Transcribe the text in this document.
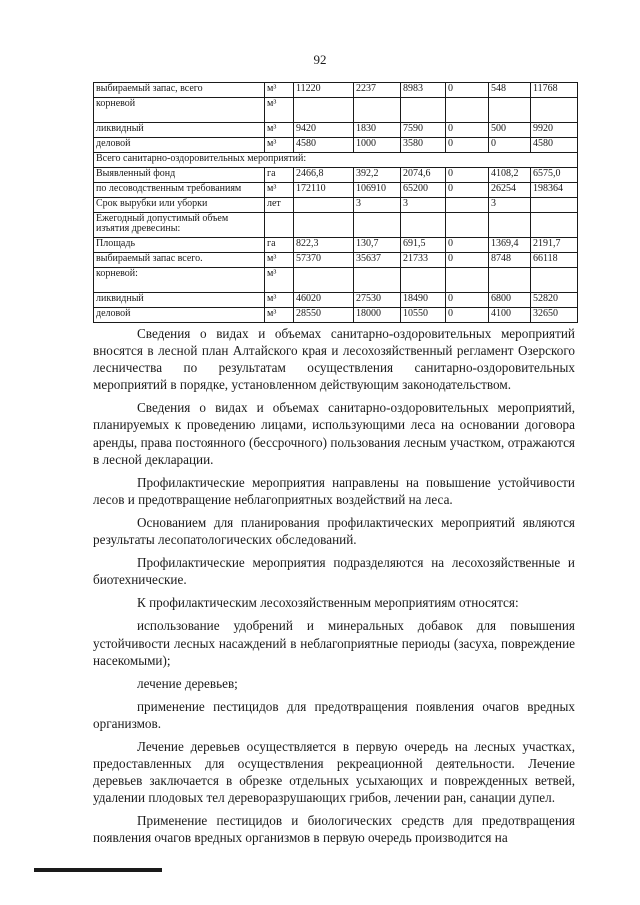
92
выбираемый запас, всего	м³	11220	2237	8983	0	548	11768
корневой	м³						
ликвидный	м³	9420	1830	7590	0	500	9920
деловой	м³	4580	1000	3580	0	0	4580
Всего санитарно-оздоровительных мероприятий:							
Выявленный фонд	га	2466,8	392,2	2074,6	0	4108,2	6575,0
по лесоводственным требованиям	м³	172110	106910	65200	0	26254	198364
Срок вырубки или уборки	лет		3	3		3	
Ежегодный допустимый объем изъятия древесины:							
Площадь	га	822,3	130,7	691,5	0	1369,4	2191,7
выбираемый запас всего.	м³	57370	35637	21733	0	8748	66118
корневой:	м³						
ликвидный	м³	46020	27530	18490	0	6800	52820
деловой	м³	28550	18000	10550	0	4100	32650

Сведения о видах и объемах санитарно-оздоровительных мероприятий вносятся в лесной план Алтайского края и лесохозяйственный регламент Озерского лесничества по результатам осуществления санитарно-оздоровительных мероприятий в порядке, установленном действующим законодательством.

Сведения о видах и объемах санитарно-оздоровительных мероприятий, планируемых к проведению лицами, использующими леса на основании договора аренды, права постоянного (бессрочного) пользования лесным участком, отражаются в лесной декларации.

Профилактические мероприятия направлены на повышение устойчивости лесов и предотвращение неблагоприятных воздействий на леса.

Основанием для планирования профилактических мероприятий являются результаты лесопатологических обследований.

Профилактические мероприятия подразделяются на лесохозяйственные и биотехнические.

К профилактическим лесохозяйственным мероприятиям относятся:

использование удобрений и минеральных добавок для повышения устойчивости лесных насаждений в неблагоприятные периоды (засуха, повреждение насекомыми);

лечение деревьев;

применение пестицидов для предотвращения появления очагов вредных организмов.

Лечение деревьев осуществляется в первую очередь на лесных участках, предоставленных для осуществления рекреационной деятельности. Лечение деревьев заключается в обрезке отдельных усыхающих и поврежденных ветвей, удалении плодовых тел дереворазрушающих грибов, лечении ран, санации дупел.

Применение пестицидов и биологических средств для предотвращения появления очагов вредных организмов в первую очередь производится на
